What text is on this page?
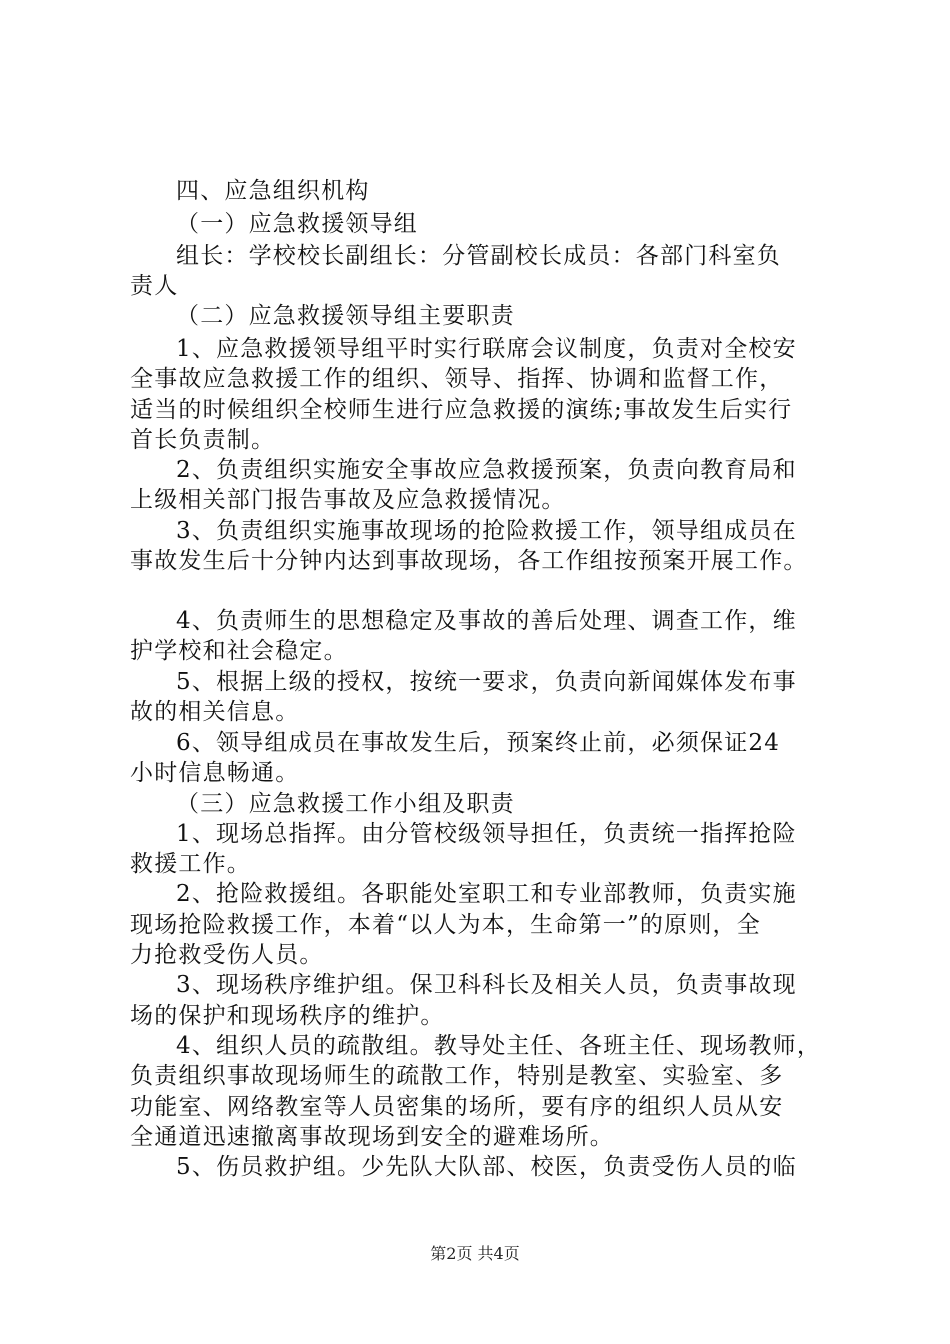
四、应急组织机构
（一）应急救援领导组
组长：学校校长副组长：分管副校长成员：各部门科室负
责人
（二）应急救援领导组主要职责
1、应急救援领导组平时实行联席会议制度，负责对全校安
全事故应急救援工作的组织、领导、指挥、协调和监督工作，
适当的时候组织全校师生进行应急救援的演练;事故发生后实行
首长负责制。
2、负责组织实施安全事故应急救援预案，负责向教育局和
上级相关部门报告事故及应急救援情况。
3、负责组织实施事故现场的抢险救援工作，领导组成员在
事故发生后十分钟内达到事故现场，各工作组按预案开展工作。
4、负责师生的思想稳定及事故的善后处理、调查工作，维
护学校和社会稳定。
5、根据上级的授权，按统一要求，负责向新闻媒体发布事
故的相关信息。
6、领导组成员在事故发生后，预案终止前，必须保证24
小时信息畅通。
（三）应急救援工作小组及职责
1、现场总指挥。由分管校级领导担任，负责统一指挥抢险
救援工作。
2、抢险救援组。各职能处室职工和专业部教师，负责实施
现场抢险救援工作，本着“以人为本，生命第一”的原则，全
力抢救受伤人员。
3、现场秩序维护组。保卫科科长及相关人员，负责事故现
场的保护和现场秩序的维护。
4、组织人员的疏散组。教导处主任、各班主任、现场教师，
负责组织事故现场师生的疏散工作，特别是教室、实验室、多
功能室、网络教室等人员密集的场所，要有序的组织人员从安
全通道迅速撤离事故现场到安全的避难场所。
5、伤员救护组。少先队大队部、校医，负责受伤人员的临
第2页 共4页
